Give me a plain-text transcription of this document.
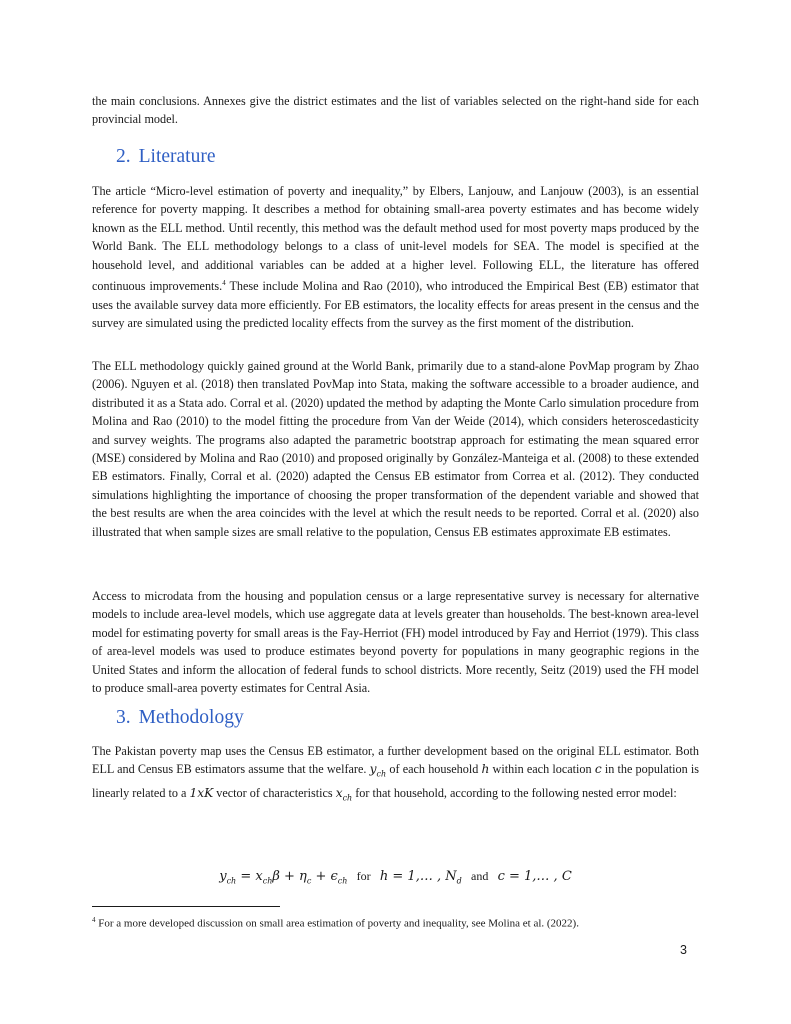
the main conclusions. Annexes give the district estimates and the list of variables selected on the right-hand side for each provincial model.

2. Literature

The article “Micro-level estimation of poverty and inequality,” by Elbers, Lanjouw, and Lanjouw (2003), is an essential reference for poverty mapping. It describes a method for obtaining small-area poverty estimates and has become widely known as the ELL method. Until recently, this method was the default method used for most poverty maps produced by the World Bank. The ELL methodology belongs to a class of unit-level models for SEA. The model is specified at the household level, and additional variables can be added at a higher level. Following ELL, the literature has offered continuous improvements.$^4$ These include Molina and Rao (2010), who introduced the Empirical Best (EB) estimator that uses the available survey data more efficiently. For EB estimators, the locality effects for areas present in the census and the survey are simulated using the predicted locality effects from the survey as the first moment of the distribution.

The ELL methodology quickly gained ground at the World Bank, primarily due to a stand-alone PovMap program by Zhao (2006). Nguyen et al. (2018) then translated PovMap into Stata, making the software accessible to a broader audience, and distributed it as a Stata ado. Corral et al. (2020) updated the method by adapting the Monte Carlo simulation procedure from Molina and Rao (2010) to the model fitting the procedure from Van der Weide (2014), which considers heteroscedasticity and survey weights. The programs also adapted the parametric bootstrap approach for estimating the mean squared error (MSE) considered by Molina and Rao (2010) and proposed originally by González-Manteiga et al. (2008) to these extended EB estimators. Finally, Corral et al. (2020) adapted the Census EB estimator from Correa et al. (2012). They conducted simulations highlighting the importance of choosing the proper transformation of the dependent variable and showed that the best results are when the area coincides with the level at which the result needs to be reported. Corral et al. (2020) also illustrated that when sample sizes are small relative to the population, Census EB estimates approximate EB estimates.

Access to microdata from the housing and population census or a large representative survey is necessary for alternative models to include area-level models, which use aggregate data at levels greater than households. The best-known area-level model for estimating poverty for small areas is the Fay-Herriot (FH) model introduced by Fay and Herriot (1979). This class of area-level models was used to produce estimates beyond poverty for populations in many geographic regions in the United States and inform the allocation of federal funds to school districts. More recently, Seitz (2019) used the FH model to produce small-area poverty estimates for Central Asia.

3. Methodology

The Pakistan poverty map uses the Census EB estimator, a further development based on the original ELL estimator. Both ELL and Census EB estimators assume that the welfare. $y_{ch}$ of each household h within each location c in the population is linearly related to a 1xK vector of characteristics $x_{ch}$ for that household, according to the following nested error model:

$y_{ch} = x_{ch}\beta + \eta_c + \epsilon_{ch}$ for h = 1,… , $N_d$ and c = 1,… , C

$^4$ For a more developed discussion on small area estimation of poverty and inequality, see Molina et al. (2022).

3
